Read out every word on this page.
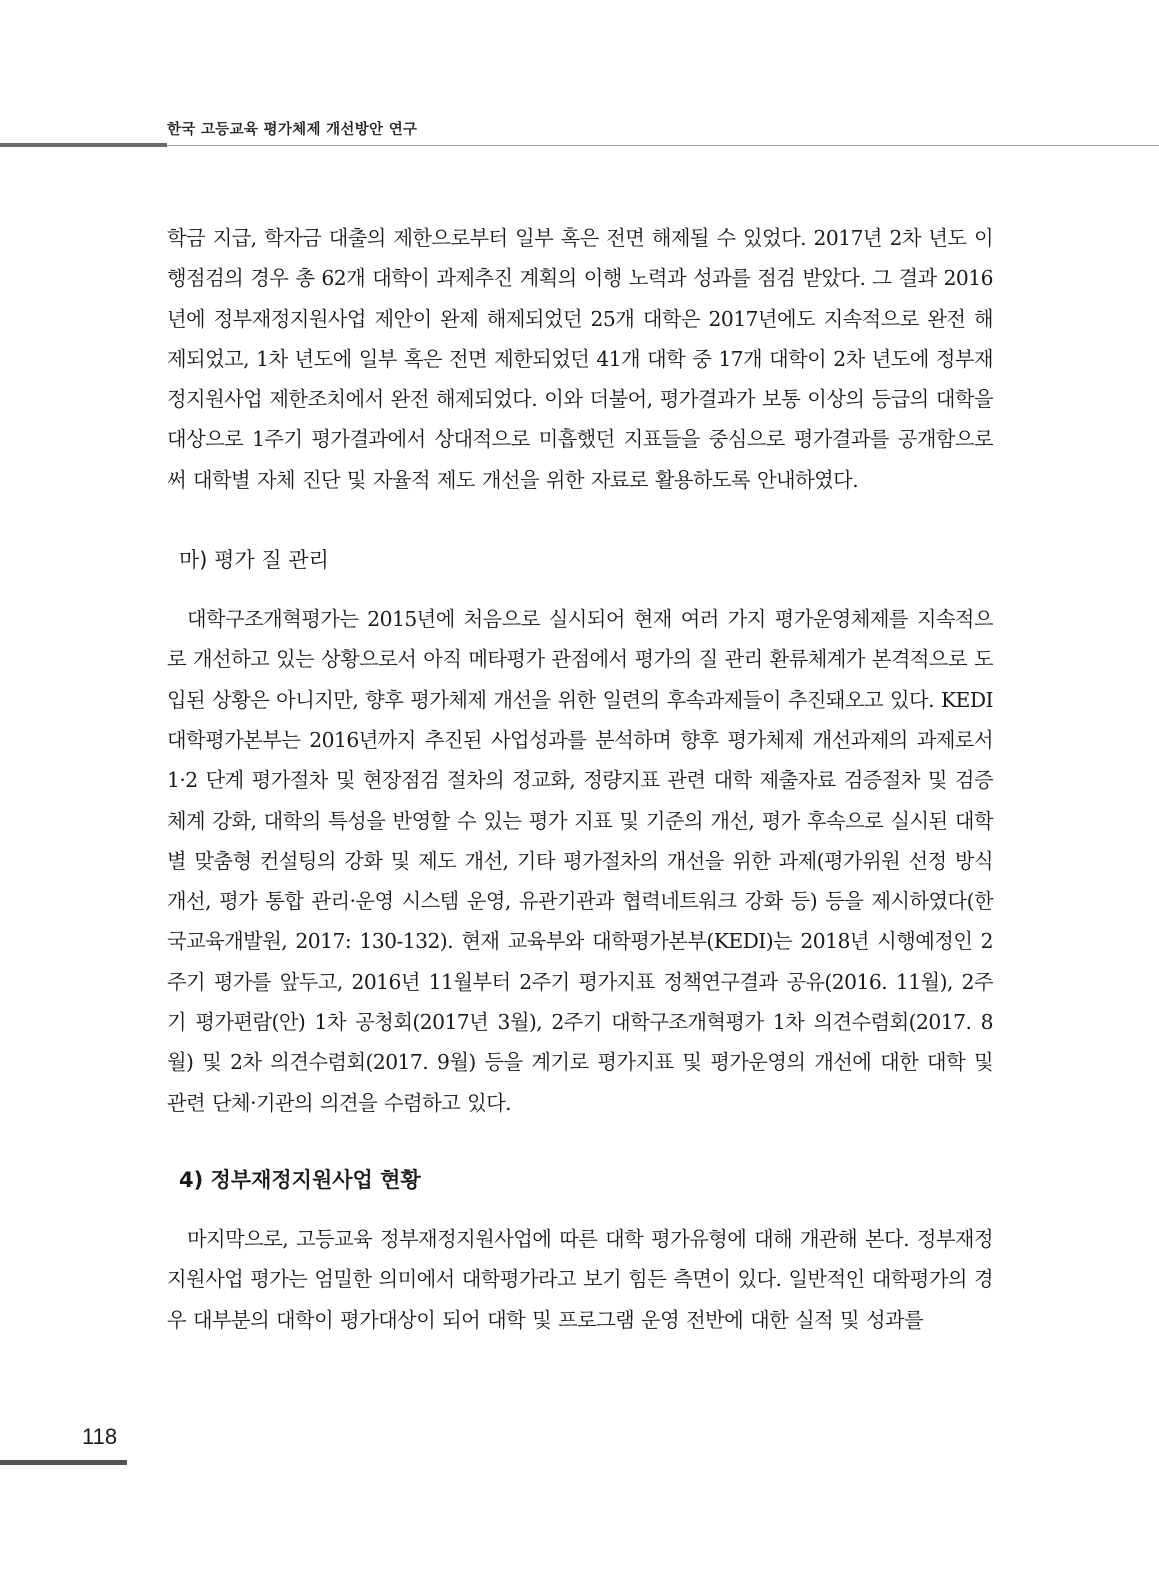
한국 고등교육 평가체제 개선방안 연구

학금 지급, 학자금 대출의 제한으로부터 일부 혹은 전면 해제될 수 있었다. 2017년 2차 년도 이행점검의 경우 총 62개 대학이 과제추진 계획의 이행 노력과 성과를 점검 받았다. 그 결과 2016년에 정부재정지원사업 제안이 완제 해제되었던 25개 대학은 2017년에도 지속적으로 완전 해제되었고, 1차 년도에 일부 혹은 전면 제한되었던 41개 대학 중 17개 대학이 2차 년도에 정부재정지원사업 제한조치에서 완전 해제되었다. 이와 더불어, 평가결과가 보통 이상의 등급의 대학을 대상으로 1주기 평가결과에서 상대적으로 미흡했던 지표들을 중심으로 평가결과를 공개함으로써 대학별 자체 진단 및 자율적 제도 개선을 위한 자료로 활용하도록 안내하였다.

마) 평가 질 관리

대학구조개혁평가는 2015년에 처음으로 실시되어 현재 여러 가지 평가운영체제를 지속적으로 개선하고 있는 상황으로서 아직 메타평가 관점에서 평가의 질 관리 환류체계가 본격적으로 도입된 상황은 아니지만, 향후 평가체제 개선을 위한 일련의 후속과제들이 추진돼오고 있다. KEDI 대학평가본부는 2016년까지 추진된 사업성과를 분석하며 향후 평가체제 개선과제의 과제로서 1·2 단계 평가절차 및 현장점검 절차의 정교화, 정량지표 관련 대학 제출자료 검증절차 및 검증체계 강화, 대학의 특성을 반영할 수 있는 평가 지표 및 기준의 개선, 평가 후속으로 실시된 대학별 맞춤형 컨설팅의 강화 및 제도 개선, 기타 평가절차의 개선을 위한 과제(평가위원 선정 방식 개선, 평가 통합 관리·운영 시스템 운영, 유관기관과 협력네트워크 강화 등) 등을 제시하였다(한국교육개발원, 2017: 130-132). 현재 교육부와 대학평가본부(KEDI)는 2018년 시행예정인 2주기 평가를 앞두고, 2016년 11월부터 2주기 평가지표 정책연구결과 공유(2016. 11월), 2주기 평가편람(안) 1차 공청회(2017년 3월), 2주기 대학구조개혁평가 1차 의견수렴회(2017. 8월) 및 2차 의견수렴회(2017. 9월) 등을 계기로 평가지표 및 평가운영의 개선에 대한 대학 및 관련 단체·기관의 의견을 수렴하고 있다.

4) 정부재정지원사업 현황

마지막으로, 고등교육 정부재정지원사업에 따른 대학 평가유형에 대해 개관해 본다. 정부재정지원사업 평가는 엄밀한 의미에서 대학평가라고 보기 힘든 측면이 있다. 일반적인 대학평가의 경우 대부분의 대학이 평가대상이 되어 대학 및 프로그램 운영 전반에 대한 실적 및 성과를

118
